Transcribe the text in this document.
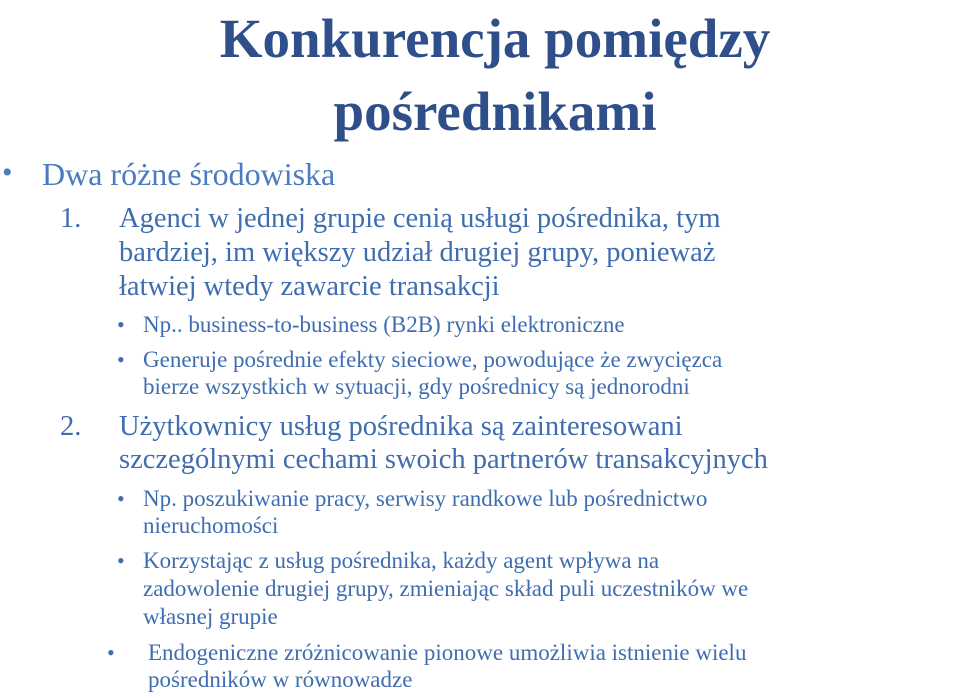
Konkurencja pomiędzy
pośrednikami
• Dwa różne środowiska
1. Agenci w jednej grupie cenią usługi pośrednika, tym
bardziej, im większy udział drugiej grupy, ponieważ
łatwiej wtedy zawarcie transakcji
• Np.. business-to-business (B2B) rynki elektroniczne
• Generuje pośrednie efekty sieciowe, powodujące że zwycięzca
bierze wszystkich w sytuacji, gdy pośrednicy są jednorodni
2. Użytkownicy usług pośrednika są zainteresowani
szczególnymi cechami swoich partnerów transakcyjnych
• Np. poszukiwanie pracy, serwisy randkowe lub pośrednictwo
nieruchomości
• Korzystając z usług pośrednika, każdy agent wpływa na
zadowolenie drugiej grupy, zmieniając skład puli uczestników we
własnej grupie
• Endogeniczne zróżnicowanie pionowe umożliwia istnienie wielu
pośredników w równowadze
